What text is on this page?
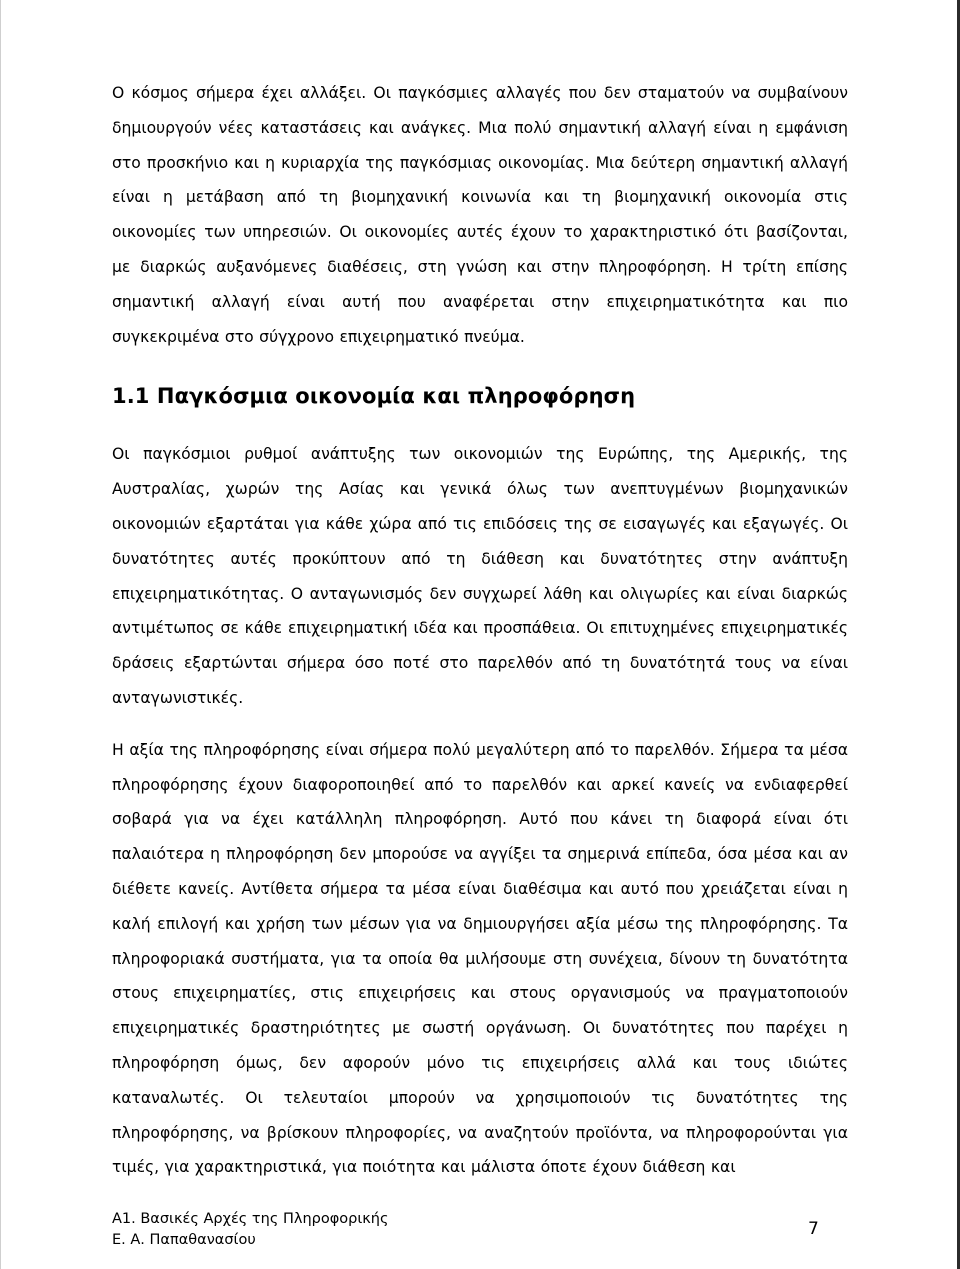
Ο κόσμος σήμερα έχει αλλάξει. Οι παγκόσμιες αλλαγές που δεν σταματούν να συμβαίνουν δημιουργούν νέες καταστάσεις και ανάγκες. Μια πολύ σημαντική αλλαγή είναι η εμφάνιση στο προσκήνιο και η κυριαρχία της παγκόσμιας οικονομίας. Μια δεύτερη σημαντική αλλαγή είναι η μετάβαση από τη βιομηχανική κοινωνία και τη βιομηχανική οικονομία στις οικονομίες των υπηρεσιών. Οι οικονομίες αυτές έχουν το χαρακτηριστικό ότι βασίζονται, με διαρκώς αυξανόμενες διαθέσεις, στη γνώση και στην πληροφόρηση. Η τρίτη επίσης σημαντική αλλαγή είναι αυτή που αναφέρεται στην επιχειρηματικότητα και πιο συγκεκριμένα στο σύγχρονο επιχειρηματικό πνεύμα.

1.1 Παγκόσμια οικονομία και πληροφόρηση

Οι παγκόσμιοι ρυθμοί ανάπτυξης των οικονομιών της Ευρώπης, της Αμερικής, της Αυστραλίας, χωρών της Ασίας και γενικά όλως των ανεπτυγμένων βιομηχανικών οικονομιών εξαρτάται για κάθε χώρα από τις επιδόσεις της σε εισαγωγές και εξαγωγές. Οι δυνατότητες αυτές προκύπτουν από τη διάθεση και δυνατότητες στην ανάπτυξη επιχειρηματικότητας. Ο ανταγωνισμός δεν συγχωρεί λάθη και ολιγωρίες και είναι διαρκώς αντιμέτωπος σε κάθε επιχειρηματική ιδέα και προσπάθεια. Οι επιτυχημένες επιχειρηματικές δράσεις εξαρτώνται σήμερα όσο ποτέ στο παρελθόν από τη δυνατότητά τους να είναι ανταγωνιστικές.

Η αξία της πληροφόρησης είναι σήμερα πολύ μεγαλύτερη από το παρελθόν. Σήμερα τα μέσα πληροφόρησης έχουν διαφοροποιηθεί από το παρελθόν και αρκεί κανείς να ενδιαφερθεί σοβαρά για να έχει κατάλληλη πληροφόρηση. Αυτό που κάνει τη διαφορά είναι ότι παλαιότερα η πληροφόρηση δεν μπορούσε να αγγίξει τα σημερινά επίπεδα, όσα μέσα και αν διέθετε κανείς. Αντίθετα σήμερα τα μέσα είναι διαθέσιμα και αυτό που χρειάζεται είναι η καλή επιλογή και χρήση των μέσων για να δημιουργήσει αξία μέσω της πληροφόρησης. Τα πληροφοριακά συστήματα, για τα οποία θα μιλήσουμε στη συνέχεια, δίνουν τη δυνατότητα στους επιχειρηματίες, στις επιχειρήσεις και στους οργανισμούς να πραγματοποιούν επιχειρηματικές δραστηριότητες με σωστή οργάνωση. Οι δυνατότητες που παρέχει η πληροφόρηση όμως, δεν αφορούν μόνο τις επιχειρήσεις αλλά και τους ιδιώτες καταναλωτές. Οι τελευταίοι μπορούν να χρησιμοποιούν τις δυνατότητες της πληροφόρησης, να βρίσκουν πληροφορίες, να αναζητούν προϊόντα, να πληροφορούνται για τιμές, για χαρακτηριστικά, για ποιότητα και μάλιστα όποτε έχουν διάθεση και

Α1. Βασικές Αρχές της Πληροφορικής
Ε. Α. Παπαθανασίου
7
